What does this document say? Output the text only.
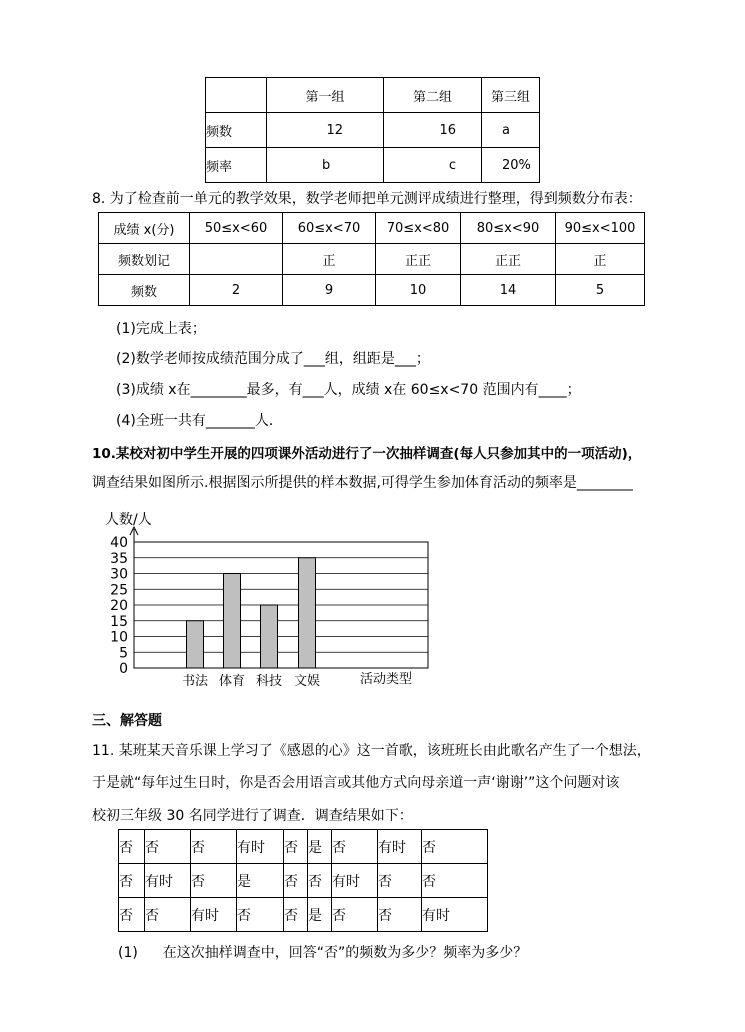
	第一组	第二组	第三组
频数	12	16	a
频率	b	c	20%
8. 为了检查前一单元的教学效果，数学老师把单元测评成绩进行整理，得到频数分布表：
成绩 x(分)	50≤x<60	60≤x<70	70≤x<80	80≤x<90	90≤x<100
频数划记		正	正正	正正	正
频数	2	9	10	14	5
(1)完成上表；
(2)数学老师按成绩范围分成了___组，组距是___；
(3)成绩 x在________最多，有___人，成绩 x在 60≤x<70 范围内有____；
(4)全班一共有_______人．
10.某校对初中学生开展的四项课外活动进行了一次抽样调查(每人只参加其中的一项活动)，
调查结果如图所示.根据图示所提供的样本数据,可得学生参加体育活动的频率是________
人数/人
0
5
10
15
20
25
30
35
40
书法 体育 科技 文娱	活动类型
三、解答题
11. 某班某天音乐课上学习了《感恩的心》这一首歌，该班班长由此歌名产生了一个想法，
于是就“每年过生日时，你是否会用语言或其他方式向母亲道一声‘谢谢’”这个问题对该
校初三年级 30 名同学进行了调查．调查结果如下：
否	否	否	有时	否	是	否	有时	否
否	有时	否	是	否	否	有时	否	否
否	否	有时	否	否	是	否	否	有时
(1) 在这次抽样调查中，回答“否”的频数为多少？频率为多少？
